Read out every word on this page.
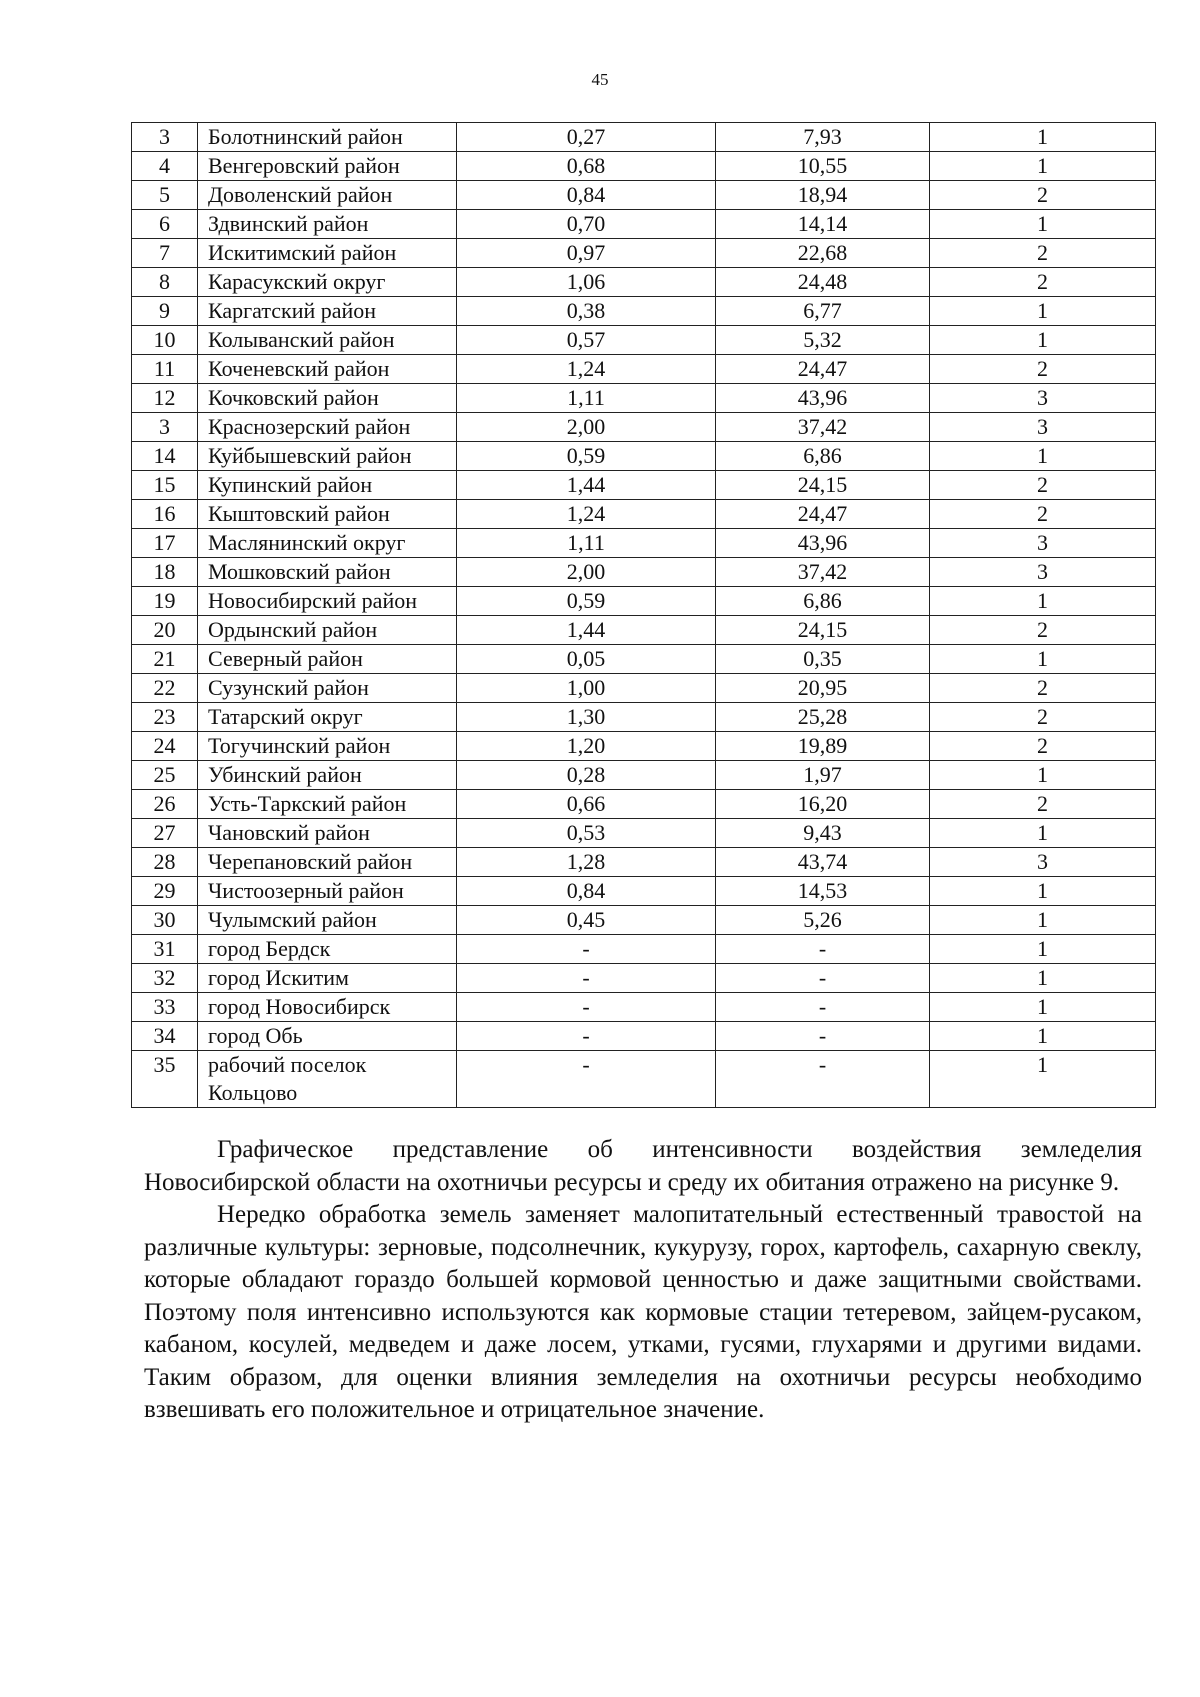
45
3	Болотнинский район	0,27	7,93	1
4	Венгеровский район	0,68	10,55	1
5	Доволенский район	0,84	18,94	2
6	Здвинский район	0,70	14,14	1
7	Искитимский район	0,97	22,68	2
8	Карасукский округ	1,06	24,48	2
9	Каргатский район	0,38	6,77	1
10	Колыванский район	0,57	5,32	1
11	Коченевский район	1,24	24,47	2
12	Кочковский район	1,11	43,96	3
3	Краснозерский район	2,00	37,42	3
14	Куйбышевский район	0,59	6,86	1
15	Купинский район	1,44	24,15	2
16	Кыштовский район	1,24	24,47	2
17	Маслянинский округ	1,11	43,96	3
18	Мошковский район	2,00	37,42	3
19	Новосибирский район	0,59	6,86	1
20	Ордынский район	1,44	24,15	2
21	Северный район	0,05	0,35	1
22	Сузунский район	1,00	20,95	2
23	Татарский округ	1,30	25,28	2
24	Тогучинский район	1,20	19,89	2
25	Убинский район	0,28	1,97	1
26	Усть-Таркский район	0,66	16,20	2
27	Чановский район	0,53	9,43	1
28	Черепановский район	1,28	43,74	3
29	Чистоозерный район	0,84	14,53	1
30	Чулымский район	0,45	5,26	1
31	город Бердск	-	-	1
32	город Искитим	-	-	1
33	город Новосибирск	-	-	1
34	город Обь	-	-	1
35	рабочий поселок Кольцово	-	-	1

Графическое представление об интенсивности воздействия земледелия Новосибирской области на охотничьи ресурсы и среду их обитания отражено на рисунке 9.

Нередко обработка земель заменяет малопитательный естественный травостой на различные культуры: зерновые, подсолнечник, кукурузу, горох, картофель, сахарную свеклу, которые обладают гораздо большей кормовой ценностью и даже защитными свойствами. Поэтому поля интенсивно используются как кормовые стации тетеревом, зайцем-русаком, кабаном, косулей, медведем и даже лосем, утками, гусями, глухарями и другими видами. Таким образом, для оценки влияния земледелия на охотничьи ресурсы необходимо взвешивать его положительное и отрицательное значение.
